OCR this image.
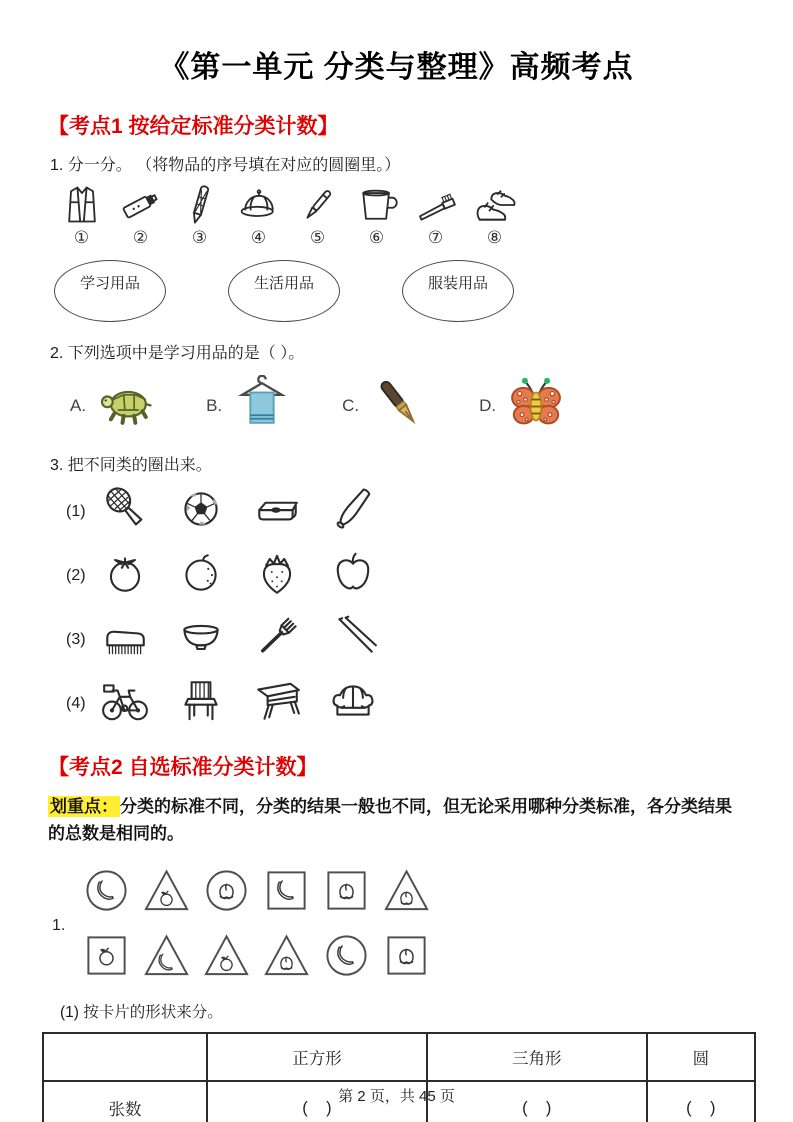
《第一单元 分类与整理》高频考点
【考点1 按给定标准分类计数】
1. 分一分。 （将物品的序号填在对应的圆圈里。）
①	②	③	④	⑤	⑥	⑦	⑧
学习用品	生活用品	服装用品
2. 下列选项中是学习用品的是（ ）。
A.	B.	C.	D.
3. 把不同类的圈出来。
(1)
(2)
(3)
(4)
【考点2 自选标准分类计数】
划重点： 分类的标准不同，分类的结果一般也不同，但无论采用哪种分类标准，各分类结果的总数是相同的。
1.
(1) 按卡片的形状来分。
	正方形	三角形	圆
张数	(    )	(    )	(    )
第 2 页，共 45 页
